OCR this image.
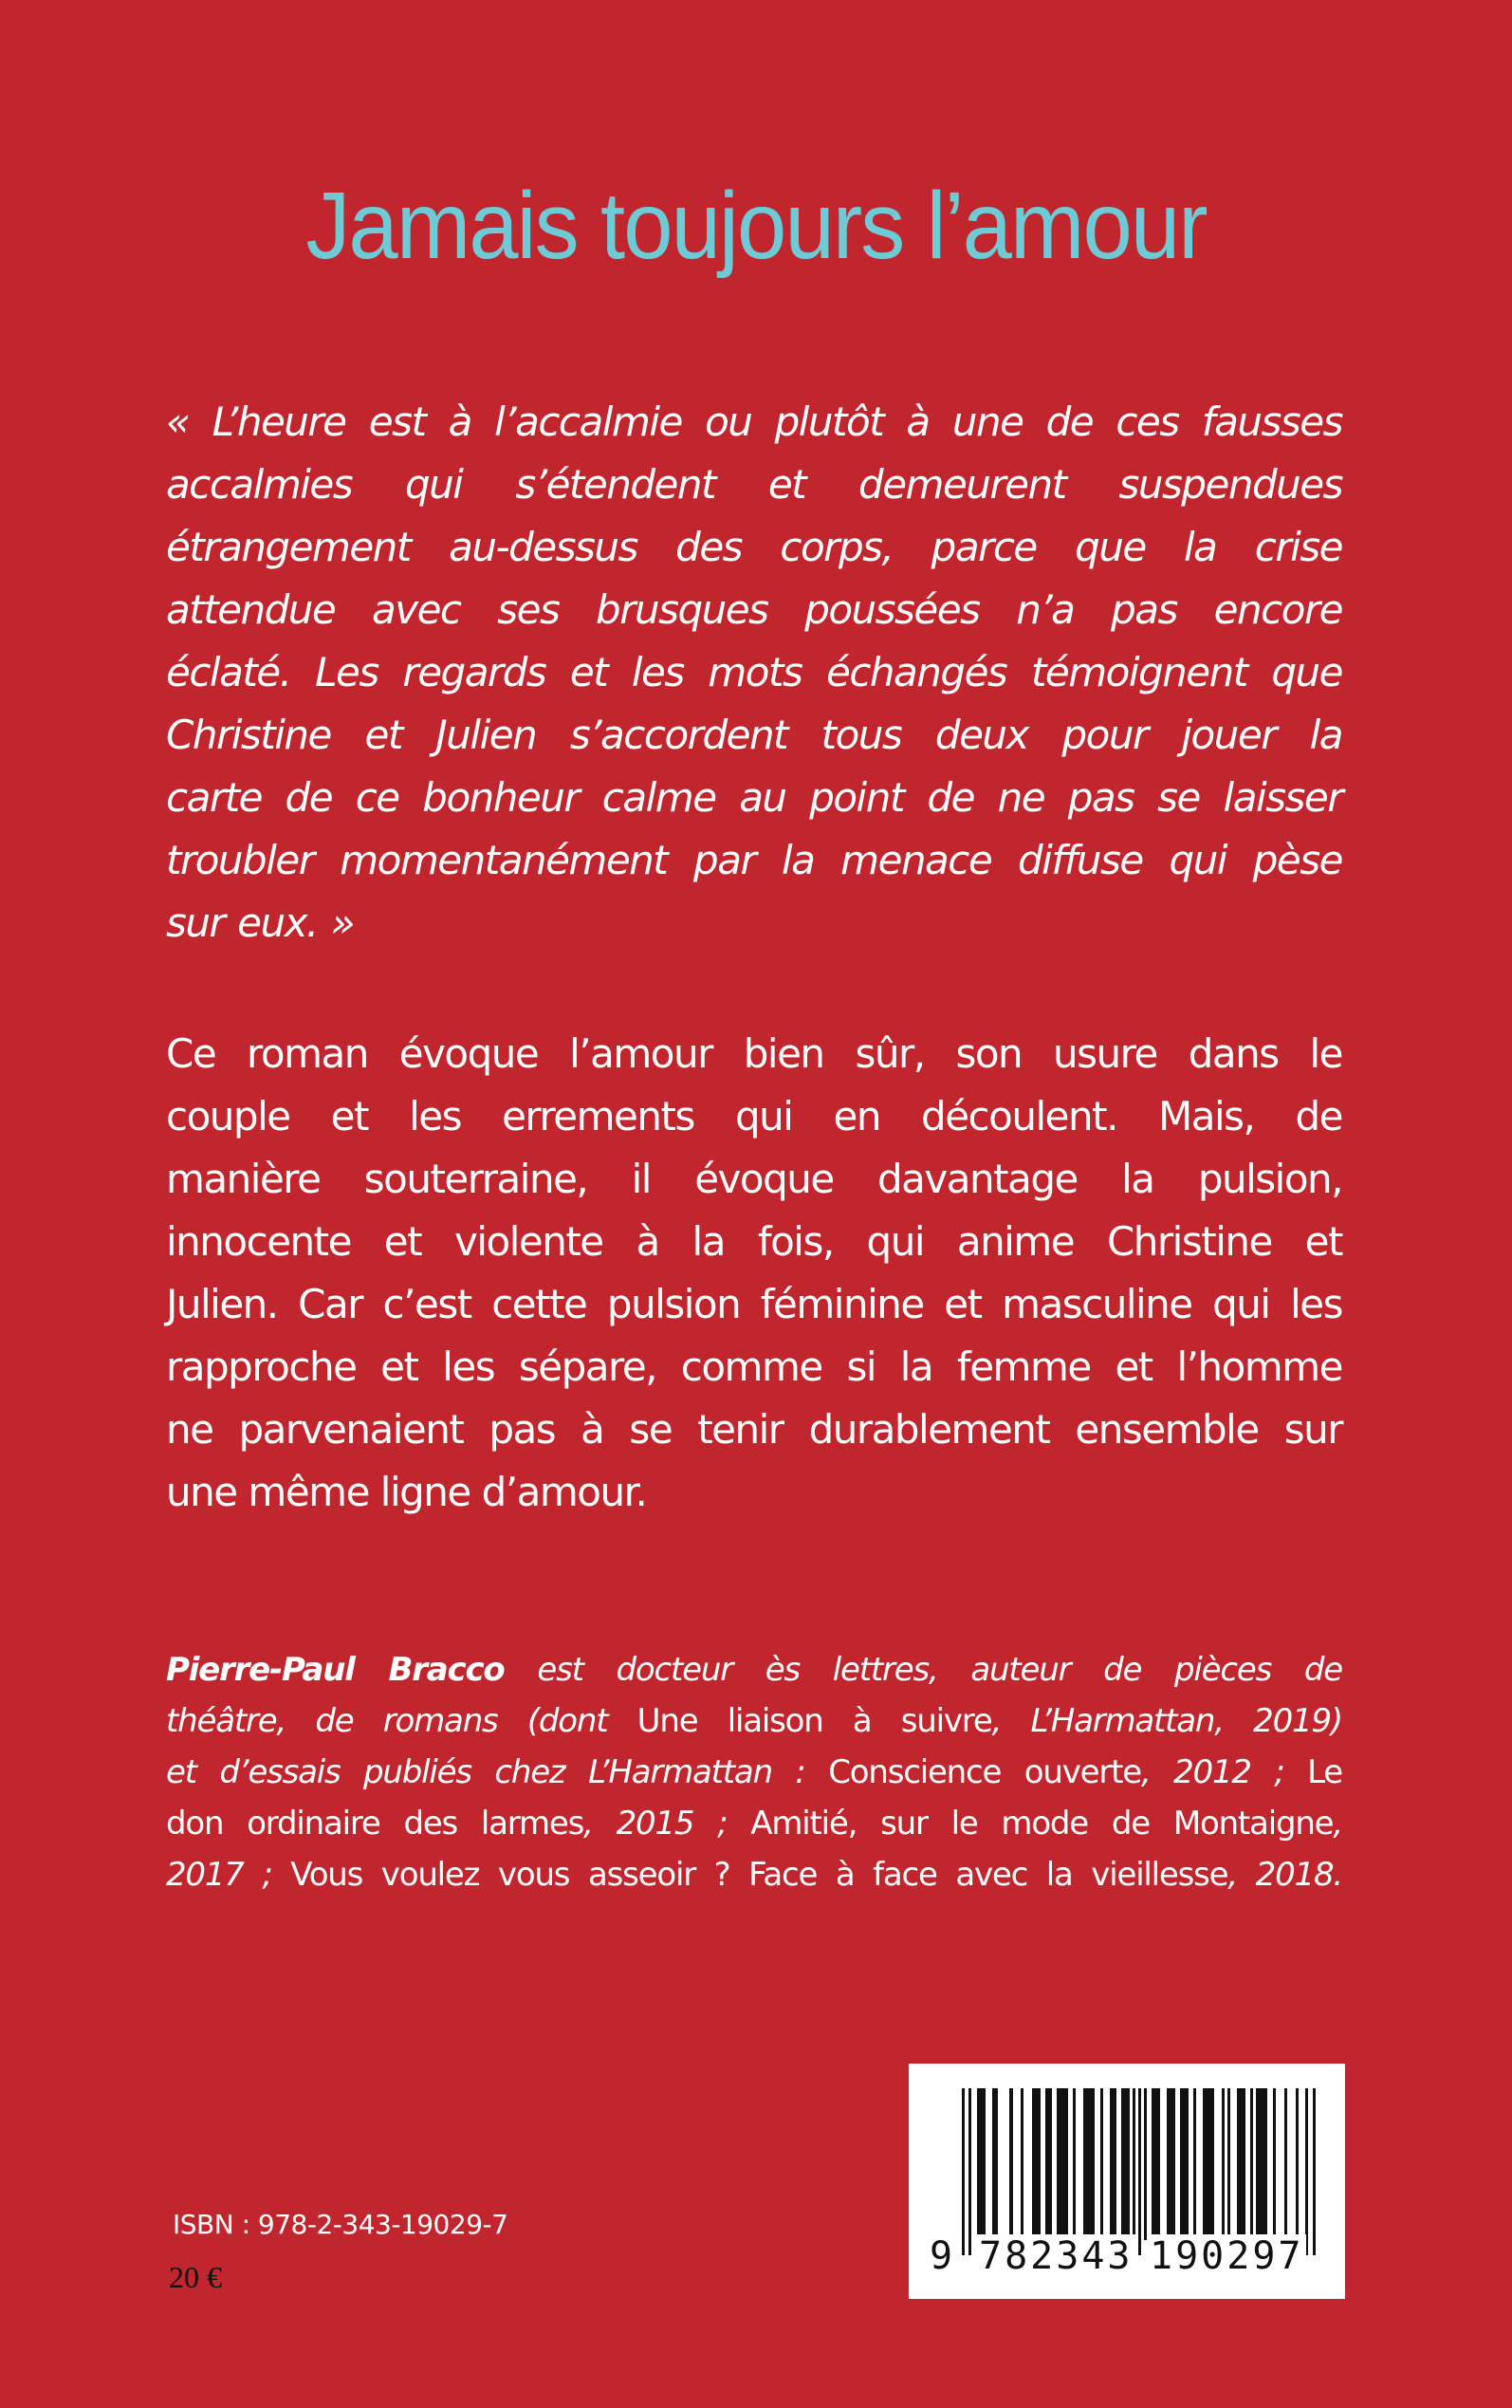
Jamais toujours l’amour
« L’heure est à l’accalmie ou plutôt à une de ces fausses
accalmies qui s’étendent et demeurent suspendues
étrangement au-dessus des corps, parce que la crise
attendue avec ses brusques poussées n’a pas encore
éclaté. Les regards et les mots échangés témoignent que
Christine et Julien s’accordent tous deux pour jouer la
carte de ce bonheur calme au point de ne pas se laisser
troubler momentanément par la menace diffuse qui pèse
sur eux. »
Ce roman évoque l’amour bien sûr, son usure dans le
couple et les errements qui en découlent. Mais, de
manière souterraine, il évoque davantage la pulsion,
innocente et violente à la fois, qui anime Christine et
Julien. Car c’est cette pulsion féminine et masculine qui les
rapproche et les sépare, comme si la femme et l’homme
ne parvenaient pas à se tenir durablement ensemble sur
une même ligne d’amour.
Pierre-Paul Bracco est docteur ès lettres, auteur de pièces de
théâtre, de romans (dont Une liaison à suivre, L’Harmattan, 2019)
et d’essais publiés chez L’Harmattan : Conscience ouverte, 2012 ; Le
don ordinaire des larmes, 2015 ; Amitié, sur le mode de Montaigne,
2017 ; Vous voulez vous asseoir ? Face à face avec la vieillesse, 2018.
9 782343 190297
ISBN : 978-2-343-19029-7
20 €
